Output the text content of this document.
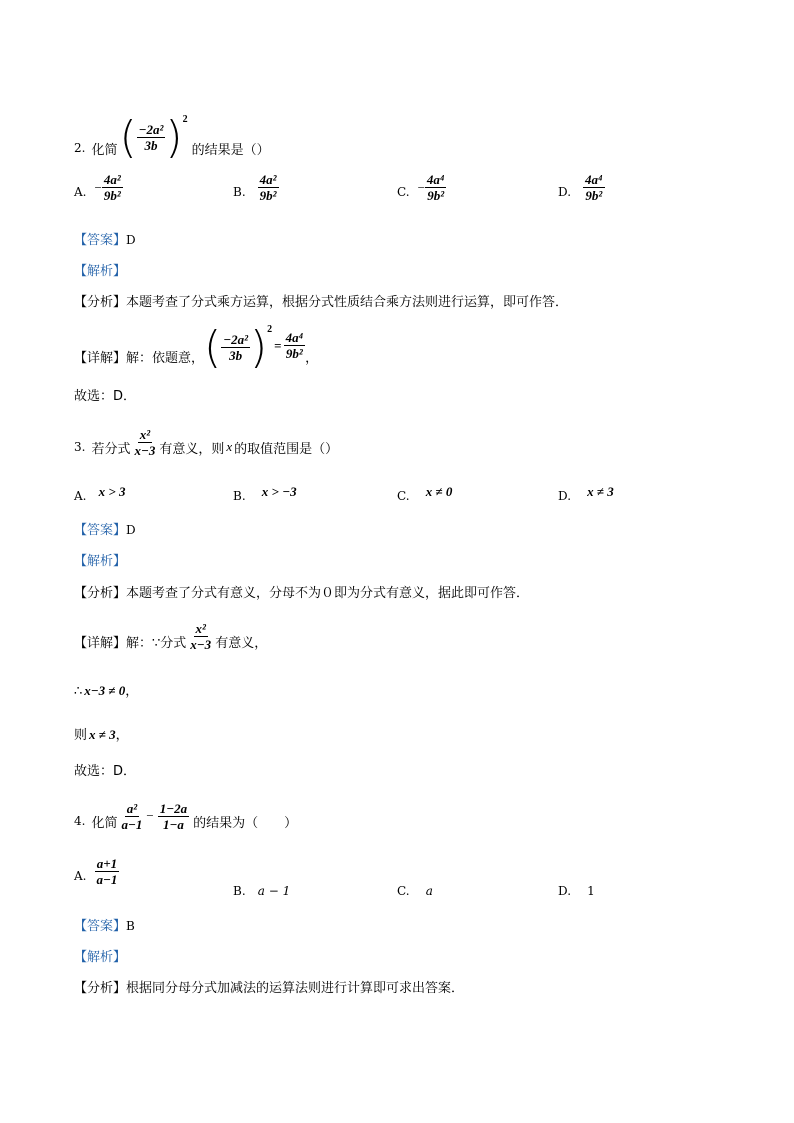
2. 化简 ( $\frac{\text{−2a²}}{3b}$ ) 2
的结果是（）
A. − $\frac{\text{4a²}}{\text{9b²}}$	B. $\frac{\text{4a²}}{\text{9b²}}$	C. − $\frac{\text{4a⁴}}{\text{9b²}}$	D. $\frac{\text{4a⁴}}{\text{9b²}}$
【答案】D
【解析】
【分析】本题考查了分式乘方运算，根据分式性质结合乘方法则进行运算，即可作答．
【详解】 解：依题意， ( $\frac{\text{−2a²}}{3b}$ ) 2
= $\frac{\text{4a⁴}}{\text{9b²}}$ ，
故选：D．
3. 若分式 $\frac{\text{x²}}{x-3}$ 有意义，则 x 的取值范围是（）
A. x > 3	B. x > −3	C. x ≠ 0	D. x ≠ 3
【答案】D
【解析】
【分析】本题考查了分式有意义，分母不为０即为分式有意义，据此即可作答．
【详解】 解：∵分式 $\frac{\text{x²}}{x-3}$ 有意义，
∴ x−3 ≠ 0，
则 x ≠ 3，
故选：D．
4. 化简 $\frac{\text{a²}}{a-1} - \frac{1-2a}{1-a}$ 的结果为（　　）
A. $\frac{a+1}{a-1}$
B. a − 1	C. a	D. 1
【答案】B
【解析】
【分析】根据同分母分式加减法的运算法则进行计算即可求出答案．
